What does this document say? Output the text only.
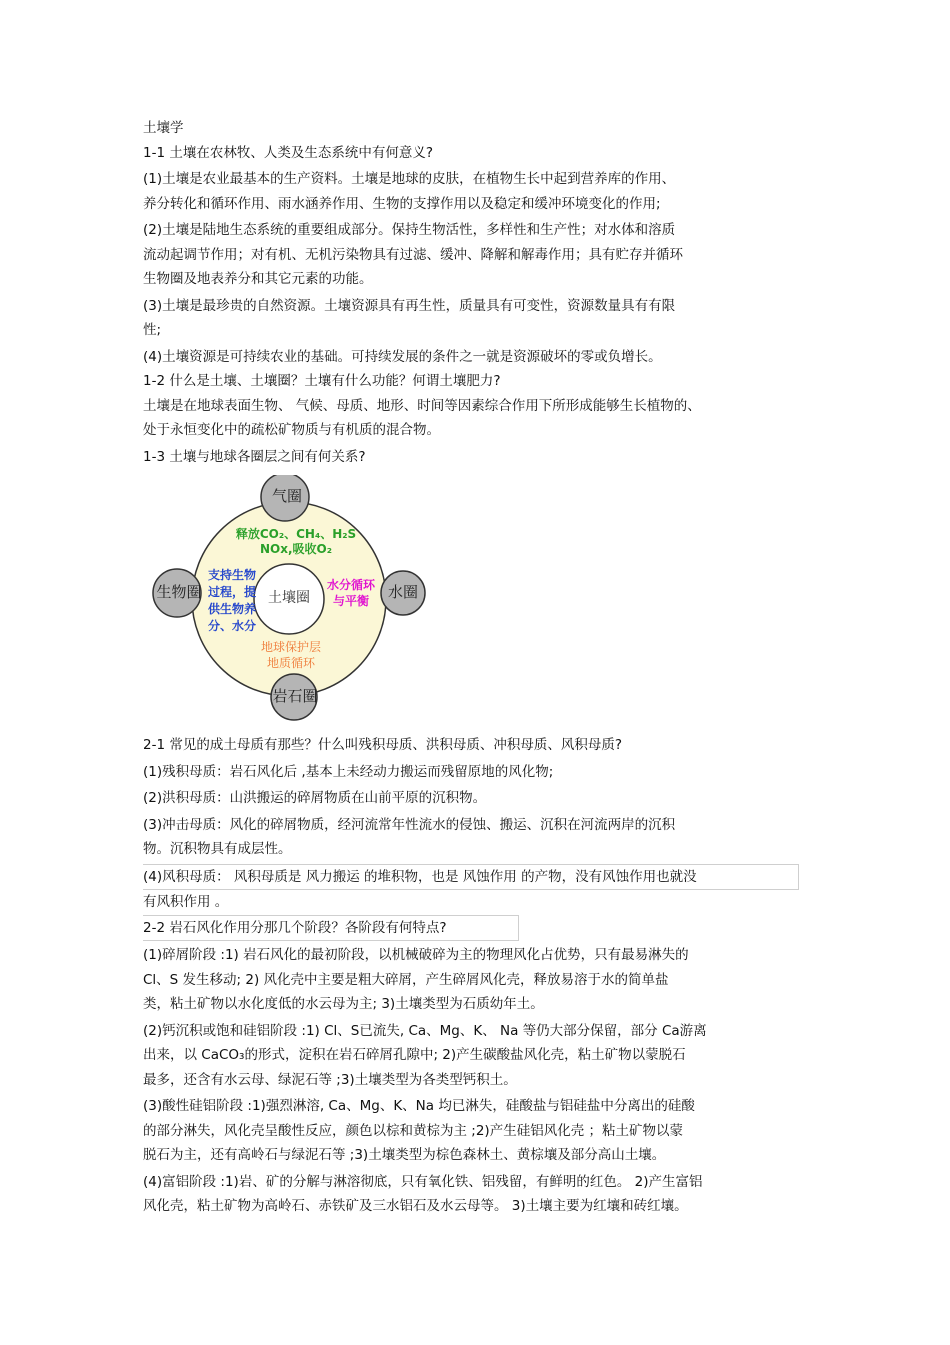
土壤学
1-1 土壤在农林牧、人类及生态系统中有何意义?
(1)土壤是农业最基本的生产资料。土壤是地球的皮肤，在植物生长中起到营养库的作用、
养分转化和循环作用、雨水涵养作用、生物的支撑作用以及稳定和缓冲环境变化的作用;
(2)土壤是陆地生态系统的重要组成部分。保持生物活性，多样性和生产性；对水体和溶质
流动起调节作用；对有机、无机污染物具有过滤、缓冲、降解和解毒作用；具有贮存并循环
生物圈及地表养分和其它元素的功能。
(3)土壤是最珍贵的自然资源。土壤资源具有再生性，质量具有可变性，资源数量具有有限
性;
(4)土壤资源是可持续农业的基础。可持续发展的条件之一就是资源破坏的零或负增长。
1-2 什么是土壤、土壤圈？土壤有什么功能？何谓土壤肥力?
土壤是在地球表面生物、 气候、母质、地形、时间等因素综合作用下所形成能够生长植物的、
处于永恒变化中的疏松矿物质与有机质的混合物。
1-3 土壤与地球各圈层之间有何关系?
气圈
生物圈	水圈
岩石圈
土壤圈
释放CO₂、CH₄、H₂S
NOx,吸收O₂
支持生物
过程，提
供生物养
分、水分
水分循环
与平衡
地球保护层
地质循环
2-1 常见的成土母质有那些？什么叫残积母质、洪积母质、冲积母质、风积母质?
(1)残积母质：岩石风化后 ,基本上未经动力搬运而残留原地的风化物;
(2)洪积母质：山洪搬运的碎屑物质在山前平原的沉积物。
(3)冲击母质：风化的碎屑物质，经河流常年性流水的侵蚀、搬运、沉积在河流两岸的沉积
物。沉积物具有成层性。
(4)风积母质： 风积母质是 风力搬运 的堆积物，也是 风蚀作用 的产物，没有风蚀作用也就没
有风积作用 。
2-2 岩石风化作用分那几个阶段？各阶段有何特点?
(1)碎屑阶段 :1) 岩石风化的最初阶段，以机械破碎为主的物理风化占优势，只有最易淋失的
Cl、S 发生移动; 2) 风化壳中主要是粗大碎屑，产生碎屑风化壳，释放易溶于水的简单盐
类，粘土矿物以水化度低的水云母为主; 3)土壤类型为石质幼年土。
(2)钙沉积或饱和硅铝阶段 :1) Cl、S已流失, Ca、Mg、K、 Na 等仍大部分保留，部分 Ca游离
出来，以 CaCO₃的形式，淀积在岩石碎屑孔隙中; 2)产生碳酸盐风化壳，粘土矿物以蒙脱石
最多，还含有水云母、绿泥石等 ;3)土壤类型为各类型钙积土。
(3)酸性硅铝阶段 :1)强烈淋溶, Ca、Mg、K、Na 均已淋失，硅酸盐与铝硅盐中分离出的硅酸
的部分淋失，风化壳呈酸性反应，颜色以棕和黄棕为主 ;2)产生硅铝风化壳 ；粘土矿物以蒙
脱石为主，还有高岭石与绿泥石等 ;3)土壤类型为棕色森林土、黄棕壤及部分高山土壤。
(4)富铝阶段 :1)岩、矿的分解与淋溶彻底，只有氧化铁、铝残留，有鲜明的红色。 2)产生富铝
风化壳，粘土矿物为高岭石、赤铁矿及三水铝石及水云母等。 3)土壤主要为红壤和砖红壤。
